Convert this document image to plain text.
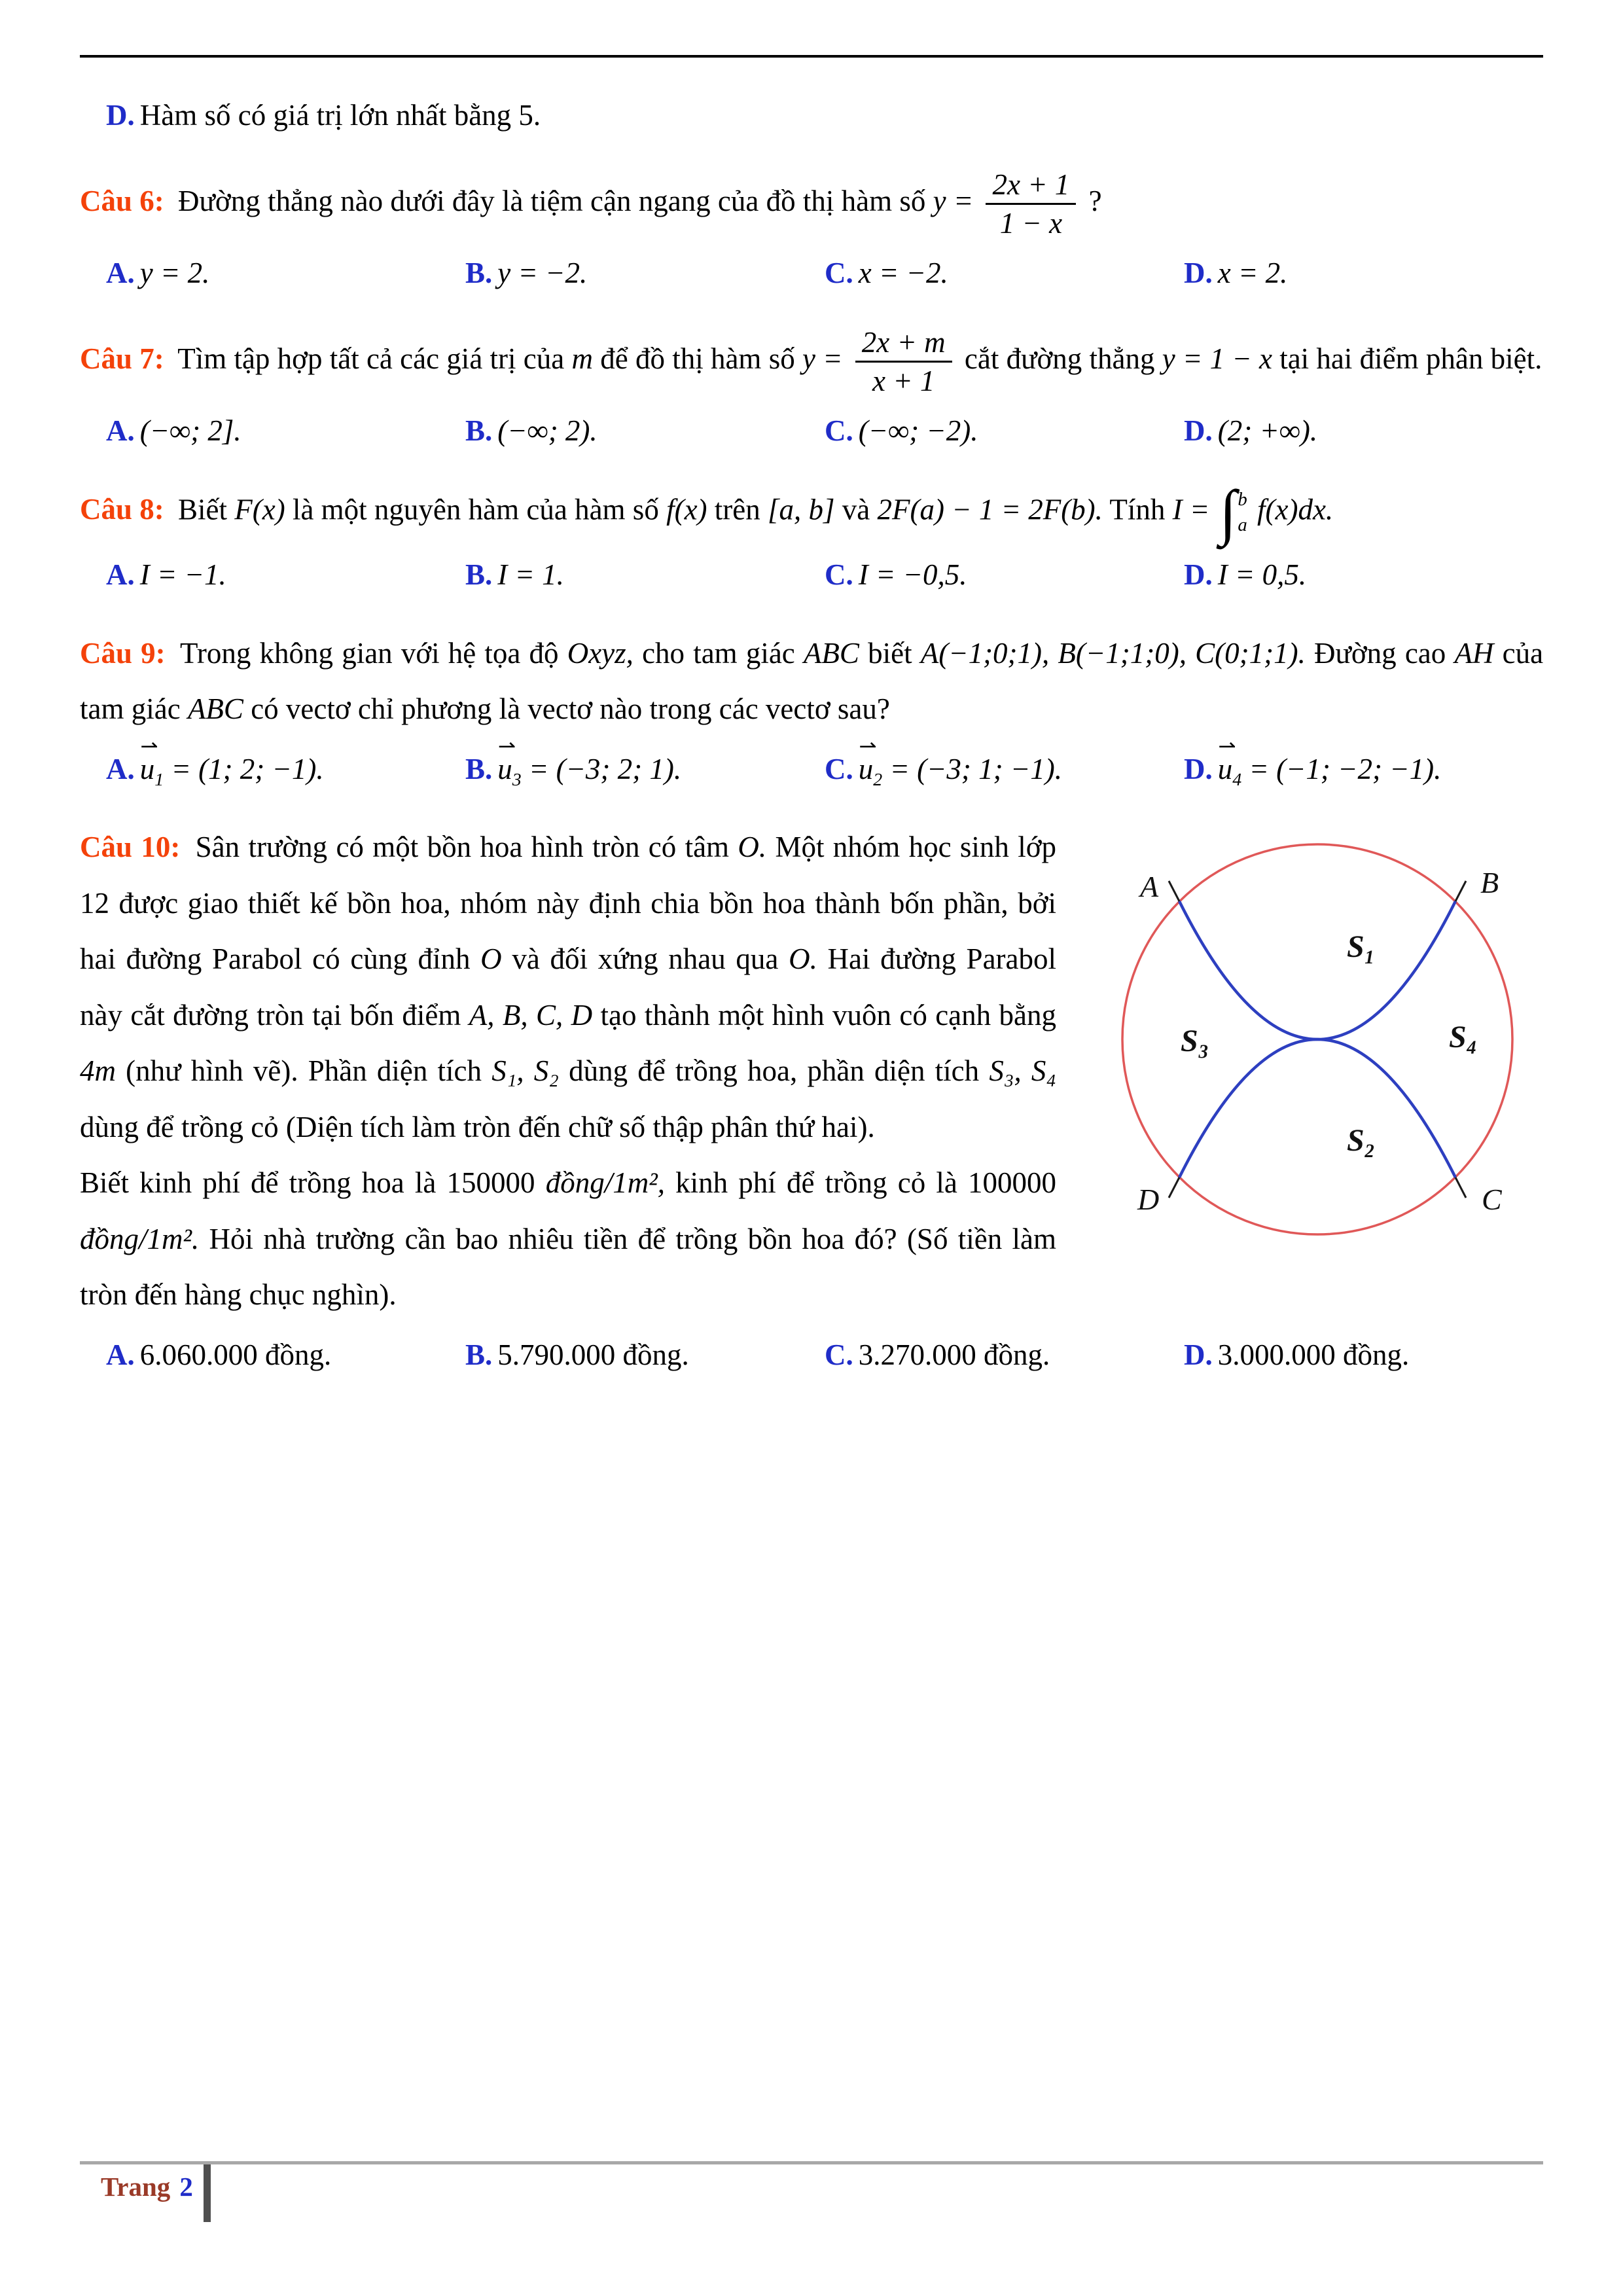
D. Hàm số có giá trị lớn nhất bằng 5.

Câu 6: Đường thẳng nào dưới đây là tiệm cận ngang của đồ thị hàm số $y = \frac{2x + 1}{1 - x}$ ?

A. y = 2.	B. y = −2.	C. x = −2.	D. x = 2.

Câu 7: Tìm tập hợp tất cả các giá trị của m để đồ thị hàm số $y = \frac{2x + m}{x + 1}$ cắt đường thẳng y = 1 − x tại hai điểm phân biệt.

A. (−∞; 2].	B. (−∞; 2).	C. (−∞; −2).	D. (2; +∞).

Câu 8: Biết F(x) là một nguyên hàm của hàm số f(x) trên [a, b] và 2F(a) − 1 = 2F(b). Tính I = ∫ b
a f(x)dx.

A. I = −1.	B. I = 1.	C. I = −0,5.	D. I = 0,5.

Câu 9: Trong không gian với hệ tọa độ Oxyz, cho tam giác ABC biết A(−1;0;1), B(−1;1;0), C(0;1;1). Đường cao AH của tam giác ABC có vectơ chỉ phương là vectơ nào trong các vectơ sau?

A. u $⇀_1 = (1$; 2; −1).	B. u $⇀_3 = (-3$; 2; 1).	C. u $⇀_2 = (-3$; 1; −1).	D. u $⇀_4 = (-1$; −2; −1).
A	B
D	C
S₁
S₃	S₄
S₂

Câu 10: Sân trường có một bồn hoa hình tròn có tâm O. Một nhóm học sinh lớp 12 được giao thiết kế bồn hoa, nhóm này định chia bồn hoa thành bốn phần, bởi hai đường Parabol có cùng đỉnh O và đối xứng nhau qua O. Hai đường Parabol này cắt đường tròn tại bốn điểm A, B, C, D tạo thành một hình vuôn có cạnh bằng 4m (như hình vẽ). Phần diện tích S₁, S₂ dùng để trồng hoa, phần diện tích S₃, S₄ dùng để trồng cỏ (Diện tích làm tròn đến chữ số thập phân thứ hai).

Biết kinh phí để trồng hoa là 150000 đồng/1m², kinh phí để trồng cỏ là 100000 đồng/1m². Hỏi nhà trường cần bao nhiêu tiền để trồng bồn hoa đó? (Số tiền làm tròn đến hàng chục nghìn).

A. 6.060.000 đồng.	B. 5.790.000 đồng.	C. 3.270.000 đồng.	D. 3.000.000 đồng.
Trang 2
